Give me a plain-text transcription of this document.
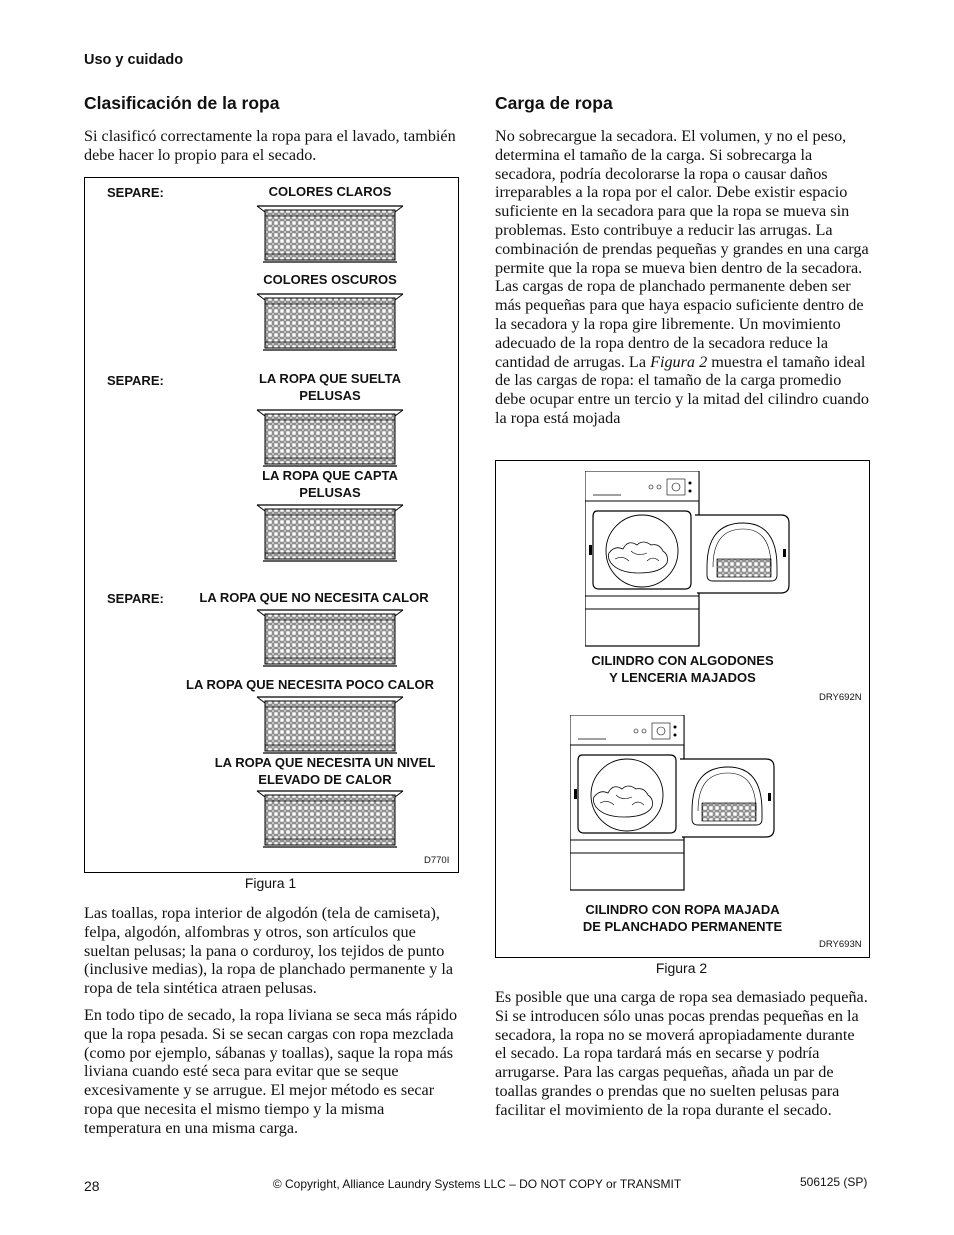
Uso y cuidado
Clasificación de la ropa

Si clasificó correctamente la ropa para el lavado, también debe hacer lo propio para el secado.

SEPARE:	COLORES CLAROS
COLORES OSCUROS
SEPARE:	LA ROPA QUE SUELTA PELUSAS
LA ROPA QUE CAPTA PELUSAS
SEPARE:	LA ROPA QUE NO NECESITA CALOR
LA ROPA QUE NECESITA POCO CALOR
LA ROPA QUE NECESITA UN NIVEL ELEVADO DE CALOR
D770I
Figura 1

Las toallas, ropa interior de algodón (tela de camiseta), felpa, algodón, alfombras y otros, son artículos que sueltan pelusas; la pana o corduroy, los tejidos de punto (inclusive medias), la ropa de planchado permanente y la ropa de tela sintética atraen pelusas.

En todo tipo de secado, la ropa liviana se seca más rápido que la ropa pesada. Si se secan cargas con ropa mezclada (como por ejemplo, sábanas y toallas), saque la ropa más liviana cuando esté seca para evitar que se seque excesivamente y se arrugue. El mejor método es secar ropa que necesita el mismo tiempo y la misma temperatura en una misma carga.

Carga de ropa

No sobrecargue la secadora. El volumen, y no el peso, determina el tamaño de la carga. Si sobrecarga la secadora, podría decolorarse la ropa o causar daños irreparables a la ropa por el calor. Debe existir espacio suficiente en la secadora para que la ropa se mueva sin problemas. Esto contribuye a reducir las arrugas. La combinación de prendas pequeñas y grandes en una carga permite que la ropa se mueva bien dentro de la secadora. Las cargas de ropa de planchado permanente deben ser más pequeñas para que haya espacio suficiente dentro de la secadora y la ropa gire libremente. Un movimiento adecuado de la ropa dentro de la secadora reduce la cantidad de arrugas. La Figura 2 muestra el tamaño ideal de las cargas de ropa: el tamaño de la carga promedio debe ocupar entre un tercio y la mitad del cilindro cuando la ropa está mojada

CILINDRO CON ALGODONES
Y LENCERIA MAJADOS
DRY692N
CILINDRO CON ROPA MAJADA
DE PLANCHADO PERMANENTE
DRY693N
Figura 2

Es posible que una carga de ropa sea demasiado pequeña. Si se introducen sólo unas pocas prendas pequeñas en la secadora, la ropa no se moverá apropiadamente durante el secado. La ropa tardará más en secarse y podría arrugarse. Para las cargas pequeñas, añada un par de toallas grandes o prendas que no suelten pelusas para facilitar el movimiento de la ropa durante el secado.

28	© Copyright, Alliance Laundry Systems LLC – DO NOT COPY or TRANSMIT	506125 (SP)
